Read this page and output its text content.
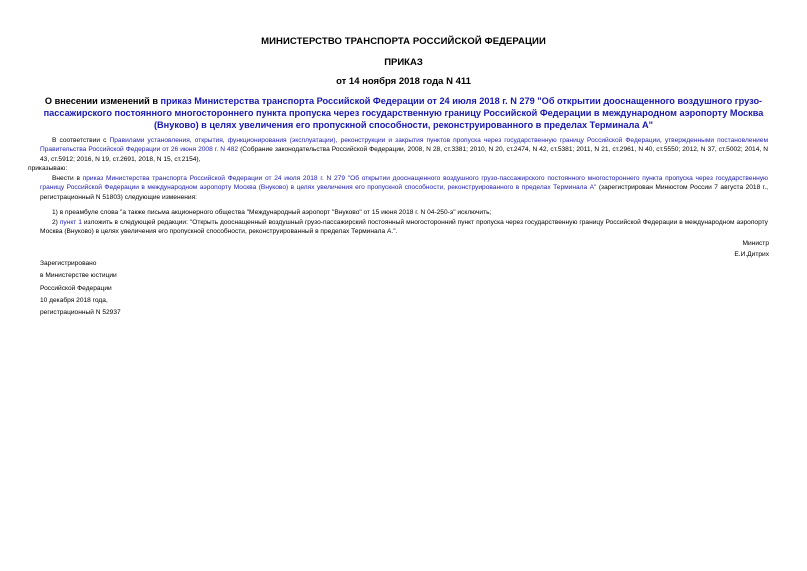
МИНИСТЕРСТВО ТРАНСПОРТА РОССИЙСКОЙ ФЕДЕРАЦИИ
ПРИКАЗ
от 14 ноября 2018 года N 411
О внесении изменений в приказ Министерства транспорта Российской Федерации от 24 июля 2018 г. N 279 "Об открытии дооснащенного воздушного грузо-пассажирского постоянного многостороннего пункта пропуска через государственную границу Российской Федерации в международном аэропорту Москва (Внуково) в целях увеличения его пропускной способности, реконструированного в пределах Терминала А"
В соответствии с Правилами установления, открытия, функционирования (эксплуатации), реконструкции и закрытия пунктов пропуска через государственную границу Российской Федерации, утвержденными постановлением Правительства Российской Федерации от 26 июня 2008 г. N 482 (Собрание законодательства Российской Федерации, 2008, N 28, ст.3381; 2010, N 20, ст.2474, N 42, ст.5381; 2011, N 21, ст.2961, N 40, ст.5550; 2012, N 37, ст.5002; 2014, N 43, ст.5912; 2016, N 19, ст.2691, 2018, N 15, ст.2154),
приказываю:
Внести в приказ Министерства транспорта Российской Федерации от 24 июля 2018 г. N 279 "Об открытии дооснащенного воздушного грузо-пассажирского постоянного многостороннего пункта пропуска через государственную границу Российской Федерации в международном аэропорту Москва (Внуково) в целях увеличения его пропускной способности, реконструированного в пределах Терминала А" (зарегистрирован Минюстом России 7 августа 2018 г., регистрационный N 51803) следующие изменения:
1) в преамбуле слова "а также письма акционерного общества "Международный аэропорт "Внуково" от 15 июня 2018 г. N 04-250-э" исключить;
2) пункт 1 изложить в следующей редакции: "Открыть дооснащенный воздушный грузо-пассажирский постоянный многосторонний пункт пропуска через государственную границу Российской Федерации в международном аэропорту Москва (Внуково) в целях увеличения его пропускной способности, реконструированный в пределах Терминала А.".
Министр
Е.И.Дитрих
Зарегистрировано
в Министерстве юстиции
Российской Федерации
10 декабря 2018 года,
регистрационный N 52937
